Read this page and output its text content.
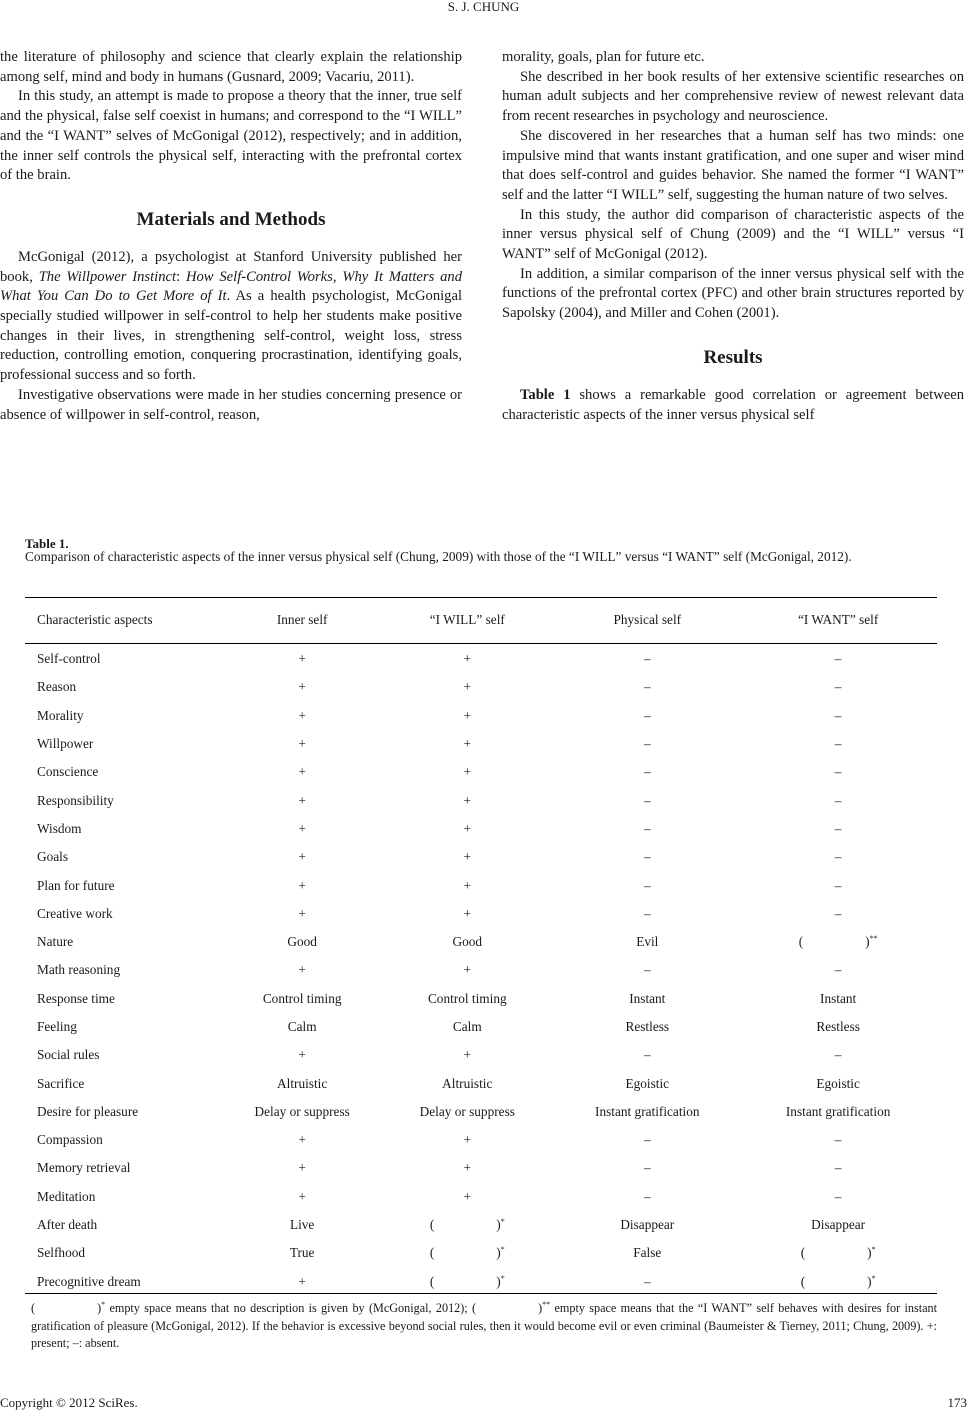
S. J. CHUNG

the literature of philosophy and science that clearly explain the relationship among self, mind and body in humans (Gusnard, 2009; Vacariu, 2011).

In this study, an attempt is made to propose a theory that the inner, true self and the physical, false self coexist in humans; and correspond to the “I WILL” and the “I WANT” selves of McGonigal (2012), respectively; and in addition, the inner self controls the physical self, interacting with the prefrontal cortex of the brain.

Materials and Methods

McGonigal (2012), a psychologist at Stanford University published her book, The Willpower Instinct: How Self-Control Works, Why It Matters and What You Can Do to Get More of It. As a health psychologist, McGonigal specially studied willpower in self-control to help her students make positive changes in their lives, in strengthening self-control, weight loss, stress reduction, controlling emotion, conquering procrastination, identifying goals, professional success and so forth.

Investigative observations were made in her studies concerning presence or absence of willpower in self-control, reason,

morality, goals, plan for future etc.

She described in her book results of her extensive scientific researches on human adult subjects and her comprehensive review of newest relevant data from recent researches in psychology and neuroscience.

She discovered in her researches that a human self has two minds: one impulsive mind that wants instant gratification, and one super and wiser mind that does self-control and guides behavior. She named the former “I WANT” self and the latter “I WILL” self, suggesting the human nature of two selves.

In this study, the author did comparison of characteristic aspects of the inner versus physical self of Chung (2009) and the “I WILL” versus “I WANT” self of McGonigal (2012).

In addition, a similar comparison of the inner versus physical self with the functions of the prefrontal cortex (PFC) and other brain structures reported by Sapolsky (2004), and Miller and Cohen (2001).

Results

Table 1 shows a remarkable good correlation or agreement between characteristic aspects of the inner versus physical self

Table 1.
Comparison of characteristic aspects of the inner versus physical self (Chung, 2009) with those of the “I WILL” versus “I WANT” self (McGonigal, 2012).
Characteristic aspects	Inner self	“I WILL” self	Physical self	“I WANT” self

Self-control	+	+	–	–
Reason	+	+	–	–
Morality	+	+	–	–
Willpower	+	+	–	–
Conscience	+	+	–	–
Responsibility	+	+	–	–
Wisdom	+	+	–	–
Goals	+	+	–	–
Plan for future	+	+	–	–
Creative work	+	+	–	–
Nature	Good	Good	Evil	( )**
Math reasoning	+	+	–	–
Response time	Control timing	Control timing	Instant	Instant
Feeling	Calm	Calm	Restless	Restless
Social rules	+	+	–	–
Sacrifice	Altruistic	Altruistic	Egoistic	Egoistic
Desire for pleasure	Delay or suppress	Delay or suppress	Instant gratification	Instant gratification
Compassion	+	+	–	–
Memory retrieval	+	+	–	–
Meditation	+	+	–	–
After death	Live	( )*	Disappear	Disappear
Selfhood	True	( )*	False	( )*
Precognitive dream	+	( )*	–	( )*
(	)* empty space means that no description is given by (McGonigal, 2012); (	)** empty space means that the “I WANT” self behaves with desires for instant gratification of pleasure (McGonigal, 2012). If the behavior is excessive beyond social rules, then it would become evil or even criminal (Baumeister & Tierney, 2011; Chung, 2009). +: present; –: absent.
Copyright © 2012 SciRes.	173
